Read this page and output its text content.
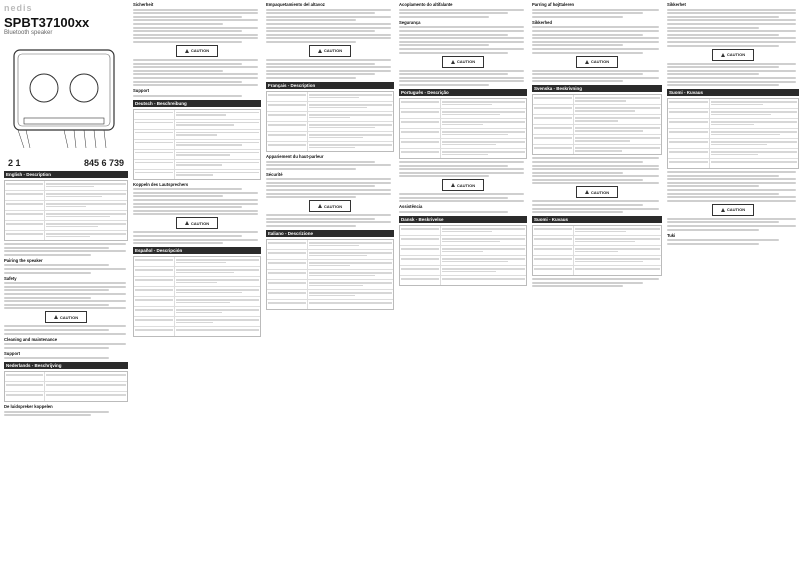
nedis
SPBT37100xx
Bluetooth speaker
2 1	845 6 739
English - Description
Pairing the speaker
Safety
CAUTION
Cleaning and maintenance
Support
Nederlands - Beschrijving
De luidspreker koppelen
Sicherheit
CAUTION
Support
Deutsch - Beschreibung
Koppeln des Lautsprechers
CAUTION
Español - Descripción
Empaquetamiento del altavoz
CAUTION
Français - Description
Appariement du haut-parleur
Sécurité
CAUTION
Italiano - Descrizione
Acoplamento do altifalante
Segurança
CAUTION
Português - Descrição
CAUTION
Assistência
Dansk - Beskrivelse
Parring af højttaleren
Sikkerhed
CAUTION
Svenska - Beskrivning
CAUTION
Suomi - Kuvaus
Sikkerhet
CAUTION
Suomi - Kuvaus
CAUTION
Tuki
